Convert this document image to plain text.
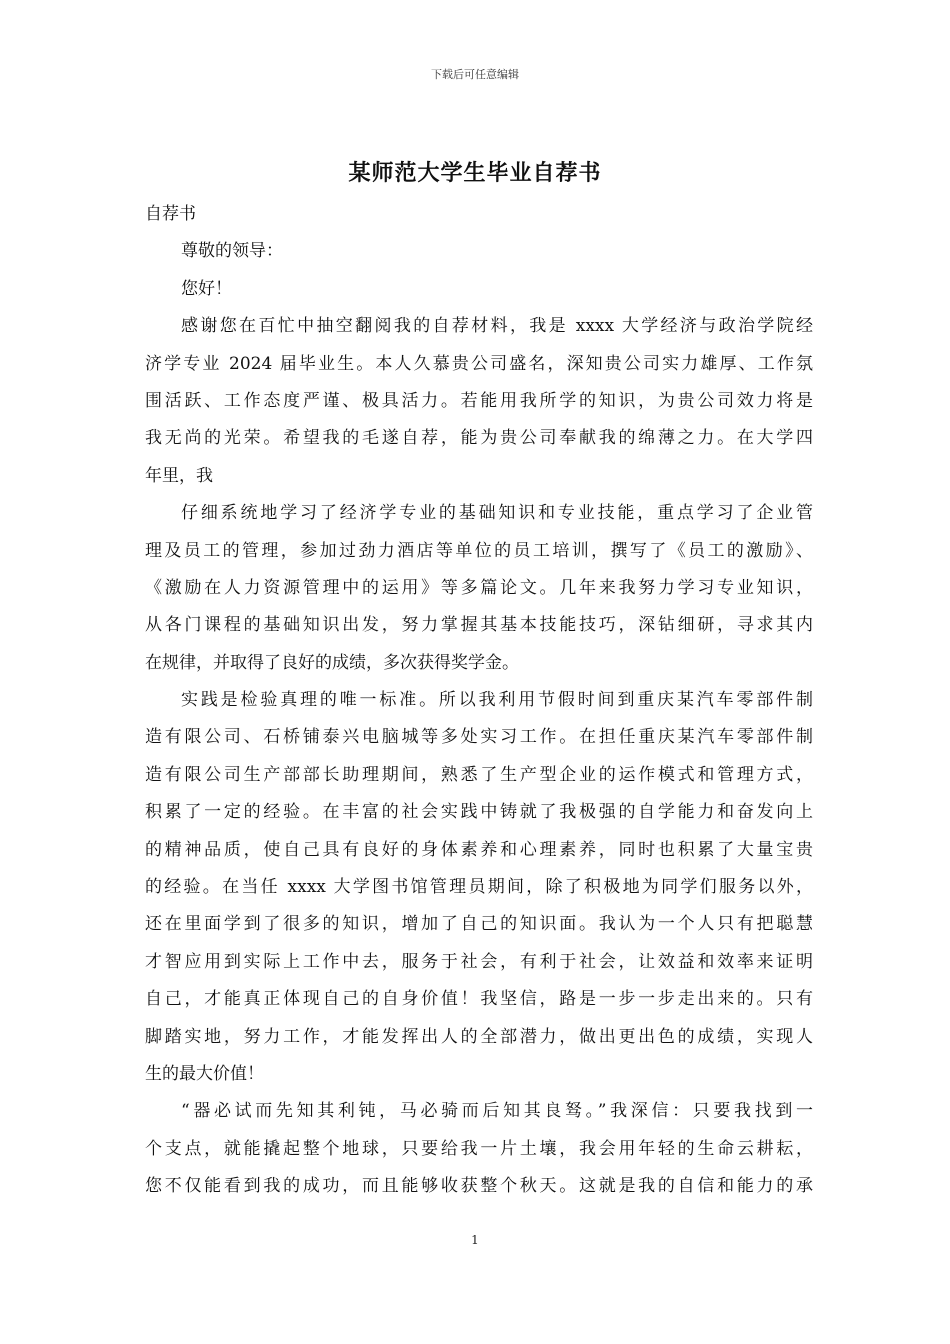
下载后可任意编辑
某师范大学生毕业自荐书
自荐书
尊敬的领导：
您好！
感谢您在百忙中抽空翻阅我的自荐材料，我是 xxxx 大学经济与政治学院经
济学专业 2024 届毕业生。本人久慕贵公司盛名，深知贵公司实力雄厚、工作氛
围活跃、工作态度严谨、极具活力。若能用我所学的知识，为贵公司效力将是
我无尚的光荣。希望我的毛遂自荐，能为贵公司奉献我的绵薄之力。在大学四
年里，我
仔细系统地学习了经济学专业的基础知识和专业技能，重点学习了企业管
理及员工的管理，参加过劲力酒店等单位的员工培训，撰写了《员工的激励》、
《激励在人力资源管理中的运用》等多篇论文。几年来我努力学习专业知识，
从各门课程的基础知识出发，努力掌握其基本技能技巧，深钻细研，寻求其内
在规律，并取得了良好的成绩，多次获得奖学金。
实践是检验真理的唯一标准。所以我利用节假时间到重庆某汽车零部件制
造有限公司、石桥铺泰兴电脑城等多处实习工作。在担任重庆某汽车零部件制
造有限公司生产部部长助理期间，熟悉了生产型企业的运作模式和管理方式，
积累了一定的经验。在丰富的社会实践中铸就了我极强的自学能力和奋发向上
的精神品质，使自己具有良好的身体素养和心理素养，同时也积累了大量宝贵
的经验。在当任 xxxx 大学图书馆管理员期间，除了积极地为同学们服务以外，
还在里面学到了很多的知识，增加了自己的知识面。我认为一个人只有把聪慧
才智应用到实际上工作中去，服务于社会，有利于社会，让效益和效率来证明
自己，才能真正体现自己的自身价值！我坚信，路是一步一步走出来的。只有
脚踏实地，努力工作，才能发挥出人的全部潜力，做出更出色的成绩，实现人
生的最大价值！
“器必试而先知其利钝，马必骑而后知其良驽。”我深信：只要我找到一
个支点，就能撬起整个地球，只要给我一片土壤，我会用年轻的生命云耕耘，
您不仅能看到我的成功，而且能够收获整个秋天。这就是我的自信和能力的承
1
